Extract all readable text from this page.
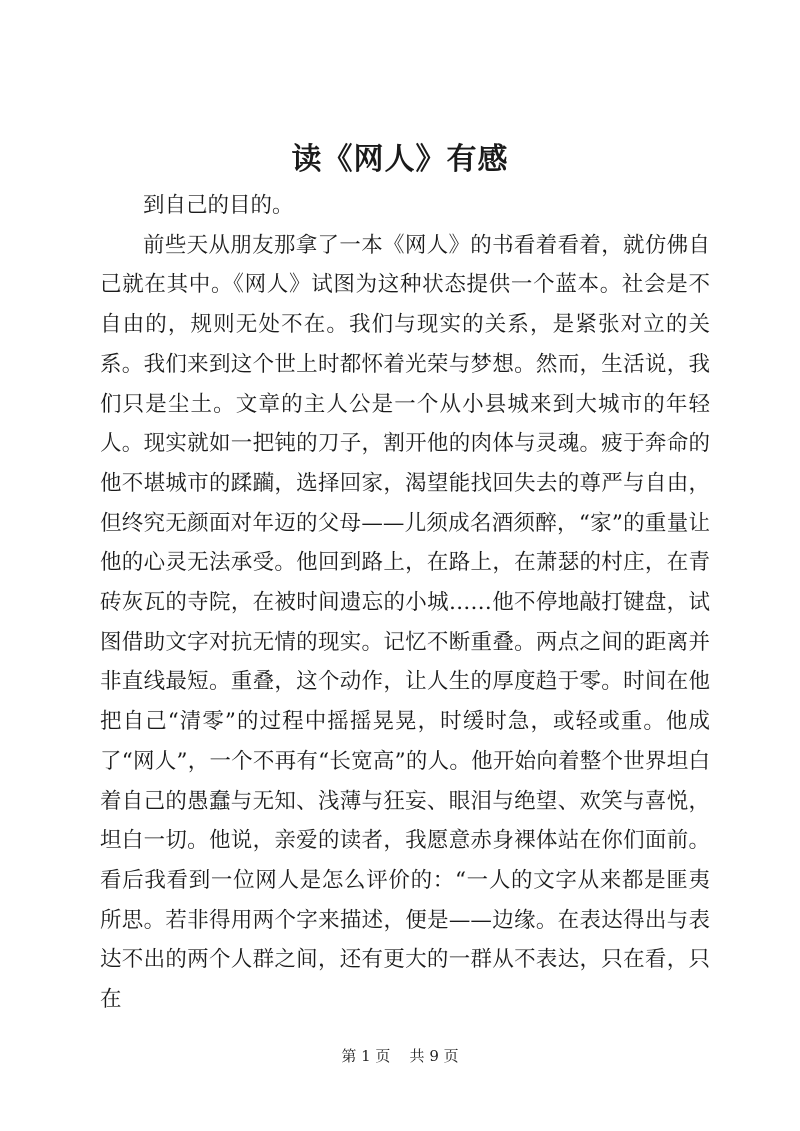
读《网人》有感

到自己的目的。

前些天从朋友那拿了一本《网人》的书看着看着，就仿佛自己就在其中。《网人》试图为这种状态提供一个蓝本。社会是不自由的，规则无处不在。我们与现实的关系，是紧张对立的关系。我们来到这个世上时都怀着光荣与梦想。然而，生活说，我们只是尘土。文章的主人公是一个从小县城来到大城市的年轻人。现实就如一把钝的刀子，割开他的肉体与灵魂。疲于奔命的他不堪城市的蹂躏，选择回家，渴望能找回失去的尊严与自由，但终究无颜面对年迈的父母——儿须成名酒须醉，“家”的重量让他的心灵无法承受。他回到路上，在路上，在萧瑟的村庄，在青砖灰瓦的寺院，在被时间遗忘的小城……他不停地敲打键盘，试图借助文字对抗无情的现实。记忆不断重叠。两点之间的距离并非直线最短。重叠，这个动作，让人生的厚度趋于零。时间在他把自己“清零”的过程中摇摇晃晃，时缓时急，或轻或重。他成了“网人”，一个不再有“长宽高”的人。他开始向着整个世界坦白着自己的愚蠢与无知、浅薄与狂妄、眼泪与绝望、欢笑与喜悦，坦白一切。他说，亲爱的读者，我愿意赤身裸体站在你们面前。看后我看到一位网人是怎么评价的：“一人的文字从来都是匪夷所思。若非得用两个字来描述，便是——边缘。在表达得出与表达不出的两个人群之间，还有更大的一群从不表达，只在看，只在

第 1 页 共 9 页
